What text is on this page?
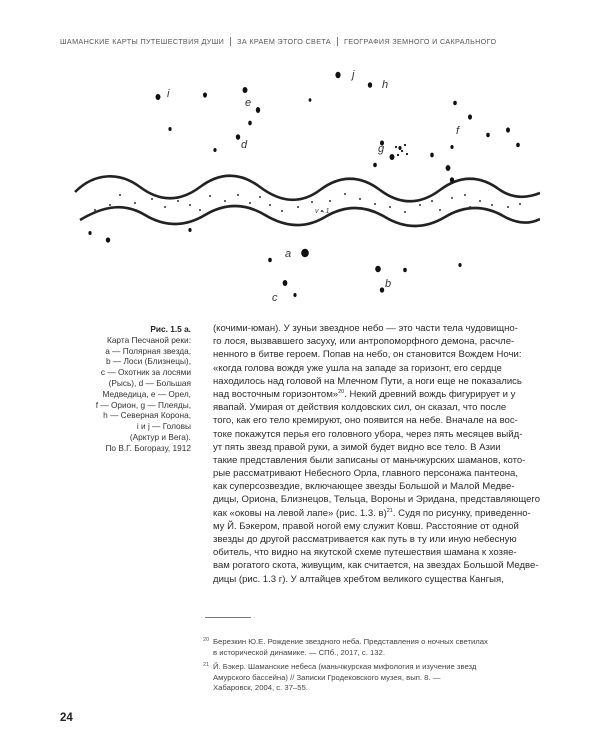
ШАМАНСКИЕ КАРТЫ ПУТЕШЕСТВИЯ ДУШИ ЗА КРАЕМ ЭТОГО СВЕТА ГЕОГРАФИЯ ЗЕМНОГО И САКРАЛЬНОГО
v→1
i
d
e
j
h
g
f
a
b
c
Рис. 1.5 а.
Карта Песчаной реки:
a — Полярная звезда,
b — Лоси (Близнецы),
c — Охотник за лосями
(Рысь), d — Большая
Медведица, e — Орел,
f — Орион, g — Плеяды,
h — Северная Корона,
i и j — Головы
(Арктур и Вега).
По В.Г. Богоразу, 1912
(кочими-юман). У зуньи звездное небо — это части тела чудовищно-
го лося, вызвавшего засуху, или антропоморфного демона, расчле-
ненного в битве героем. Попав на небо, он становится Вождем Ночи:
«когда голова вождя уже ушла на западе за горизонт, его сердце
находилось над головой на Млечном Пути, а ноги еще не показались
над восточным горизонтом»$^{20}$. Некий древний вождь фигурирует и у
явапай. Умирая от действия колдовских сил, он сказал, что после
того, как его тело кремируют, оно появится на небе. Вначале на вос-
токе покажутся перья его головного убора, через пять месяцев выйд-
ут пять звезд правой руки, а зимой будет видно все тело. В Азии
такие представления были записаны от маньчжурских шаманов, кото-
рые рассматривают Небесного Орла, главного персонажа пантеона,
как суперсозвездие, включающее звезды Большой и Малой Медве-
дицы, Ориона, Близнецов, Тельца, Вороны и Эридана, представляющего
как «оковы на левой лапе» (рис. 1.3. в)$^{21}$. Судя по рисунку, приведенно-
му Й. Бэкером, правой ногой ему служит Ковш. Расстояние от одной
звезды до другой рассматривается как путь в ту или иную небесную
обитель, что видно на якутской схеме путешествия шамана к хозяе-
вам рогатого скота, живущим, как считается, на звездах Большой Медве-
дицы (рис. 1.3 г). У алтайцев хребтом великого существа Кангыя,
20 Березкин Ю.Е. Рождение звездного неба. Представления о ночных светилах
в исторической динамике. — СПб., 2017, с. 132.
21 Й. Бэкер. Шаманские небеса (маньчжурская мифология и изучение звезд
Амурского бассейна) // Записки Гродековского музея, вып. 8. —
Хабаровск, 2004, с. 37–55.
24
